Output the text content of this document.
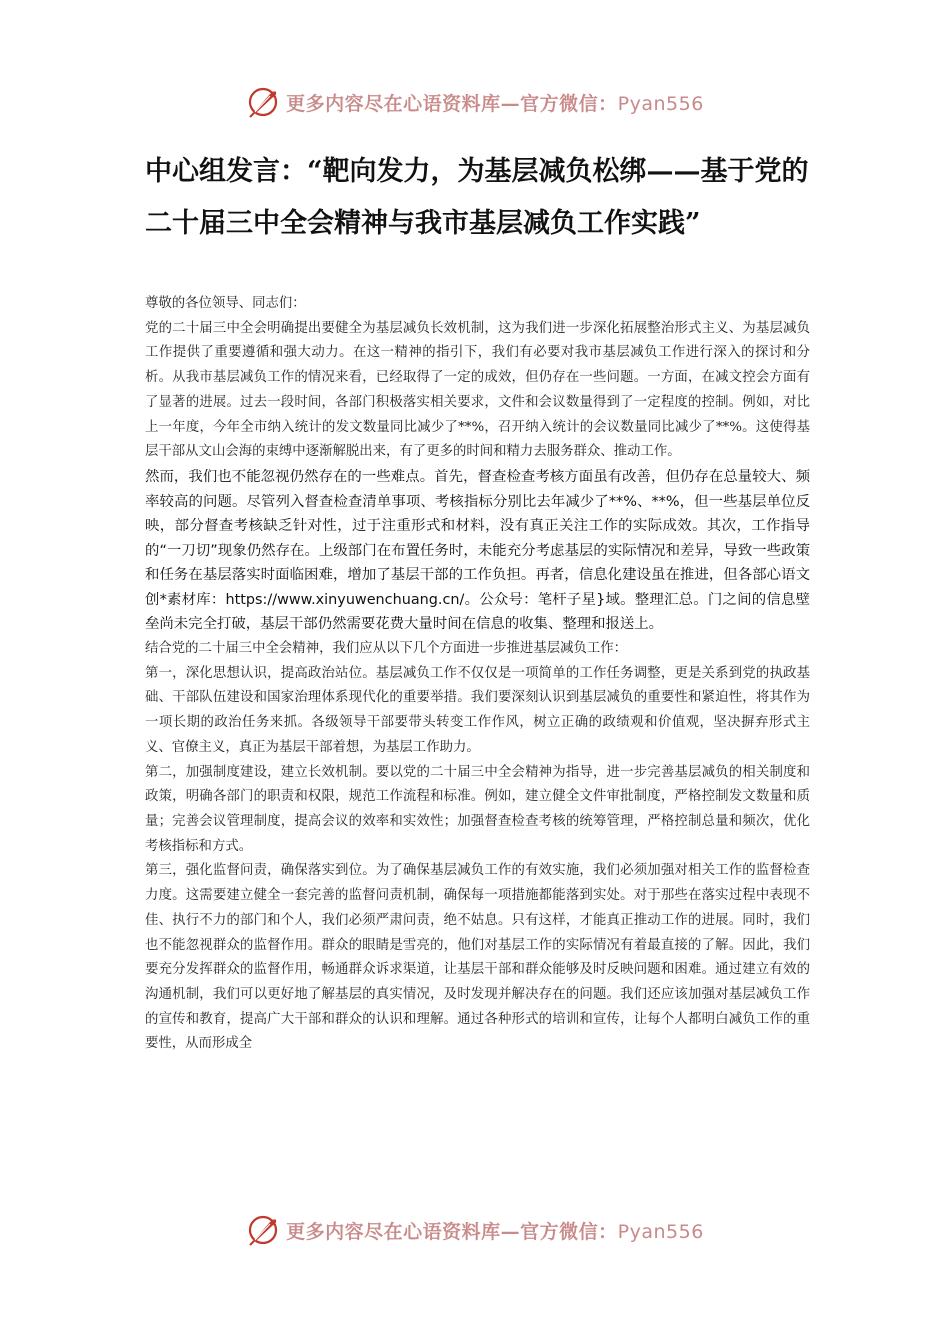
更多内容尽在心语资料库—官方微信：Pyan556
中心组发言：“靶向发力，为基层减负松绑——基于党的二十届三中全会精神与我市基层减负工作实践”

尊敬的各位领导、同志们：

党的二十届三中全会明确提出要健全为基层减负长效机制，这为我们进一步深化拓展整治形式主义、为基层减负工作提供了重要遵循和强大动力。在这一精神的指引下，我们有必要对我市基层减负工作进行深入的探讨和分析。从我市基层减负工作的情况来看，已经取得了一定的成效，但仍存在一些问题。一方面，在减文控会方面有了显著的进展。过去一段时间，各部门积极落实相关要求，文件和会议数量得到了一定程度的控制。例如，对比上一年度，今年全市纳入统计的发文数量同比减少了**%，召开纳入统计的会议数量同比减少了**%。这使得基层干部从文山会海的束缚中逐渐解脱出来，有了更多的时间和精力去服务群众、推动工作。

然而，我们也不能忽视仍然存在的一些难点。首先，督查检查考核方面虽有改善，但仍存在总量较大、频率较高的问题。尽管列入督查检查清单事项、考核指标分别比去年减少了**%、**%，但一些基层单位反映，部分督查考核缺乏针对性，过于注重形式和材料，没有真正关注工作的实际成效。其次，工作指导的“一刀切”现象仍然存在。上级部门在布置任务时，未能充分考虑基层的实际情况和差异，导致一些政策和任务在基层落实时面临困难，增加了基层干部的工作负担。再者，信息化建设虽在推进，但各部心语文创*素材库：https://www.xinyuwenchuang.cn/。公众号：笔杆子星}域。整理汇总。门之间的信息壁垒尚未完全打破，基层干部仍然需要花费大量时间在信息的收集、整理和报送上。

结合党的二十届三中全会精神，我们应从以下几个方面进一步推进基层减负工作：

第一，深化思想认识，提高政治站位。基层减负工作不仅仅是一项简单的工作任务调整，更是关系到党的执政基础、干部队伍建设和国家治理体系现代化的重要举措。我们要深刻认识到基层减负的重要性和紧迫性，将其作为一项长期的政治任务来抓。各级领导干部要带头转变工作作风，树立正确的政绩观和价值观，坚决摒弃形式主义、官僚主义，真正为基层干部着想，为基层工作助力。

第二，加强制度建设，建立长效机制。要以党的二十届三中全会精神为指导，进一步完善基层减负的相关制度和政策，明确各部门的职责和权限，规范工作流程和标准。例如，建立健全文件审批制度，严格控制发文数量和质量；完善会议管理制度，提高会议的效率和实效性；加强督查检查考核的统筹管理，严格控制总量和频次，优化考核指标和方式。

第三，强化监督问责，确保落实到位。为了确保基层减负工作的有效实施，我们必须加强对相关工作的监督检查力度。这需要建立健全一套完善的监督问责机制，确保每一项措施都能落到实处。对于那些在落实过程中表现不佳、执行不力的部门和个人，我们必须严肃问责，绝不姑息。只有这样，才能真正推动工作的进展。同时，我们也不能忽视群众的监督作用。群众的眼睛是雪亮的，他们对基层工作的实际情况有着最直接的了解。因此，我们要充分发挥群众的监督作用，畅通群众诉求渠道，让基层干部和群众能够及时反映问题和困难。通过建立有效的沟通机制，我们可以更好地了解基层的真实情况，及时发现并解决存在的问题。我们还应该加强对基层减负工作的宣传和教育，提高广大干部和群众的认识和理解。通过各种形式的培训和宣传，让每个人都明白减负工作的重要性，从而形成全

更多内容尽在心语资料库—官方微信：Pyan556
